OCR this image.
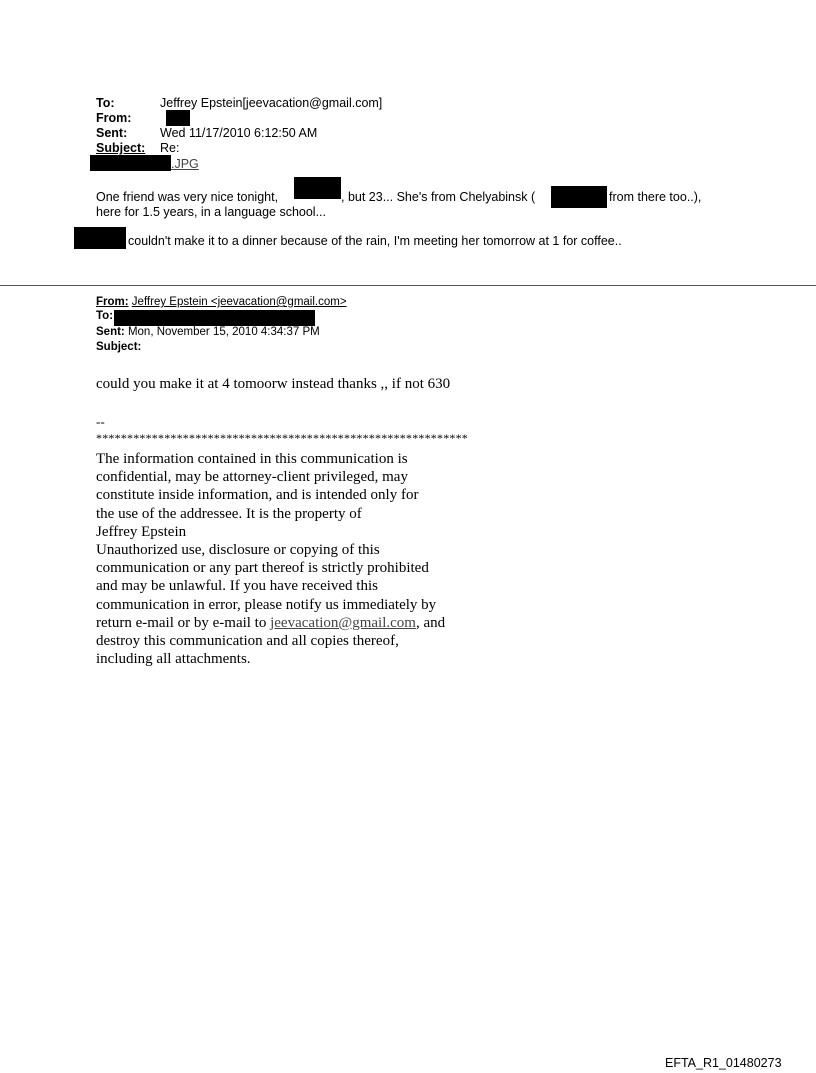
To:	Jeffrey Epstein[jeevacation@gmail.com]
From:
Sent:	Wed 11/17/2010 6:12:50 AM
Subject: Re:
.JPG
One friend was very nice tonight,	, but 23... She's from Chelyabinsk (	from there too..),
here for 1.5 years, in a language school...
couldn't make it to a dinner because of the rain, I'm meeting her tomorrow at 1 for coffee..
From: Jeffrey Epstein <jeevacation@gmail.com>
To:
Sent: Mon, November 15, 2010 4:34:37 PM
Subject:
could you make it at 4 tomoorw instead thanks ,, if not 630
--
************************************************************
The information contained in this communication is
confidential, may be attorney-client privileged, may
constitute inside information, and is intended only for
the use of the addressee. It is the property of
Jeffrey Epstein
Unauthorized use, disclosure or copying of this
communication or any part thereof is strictly prohibited
and may be unlawful. If you have received this
communication in error, please notify us immediately by
return e-mail or by e-mail to jeevacation@gmail.com, and
destroy this communication and all copies thereof,
including all attachments.
EFTA_R1_01480273
